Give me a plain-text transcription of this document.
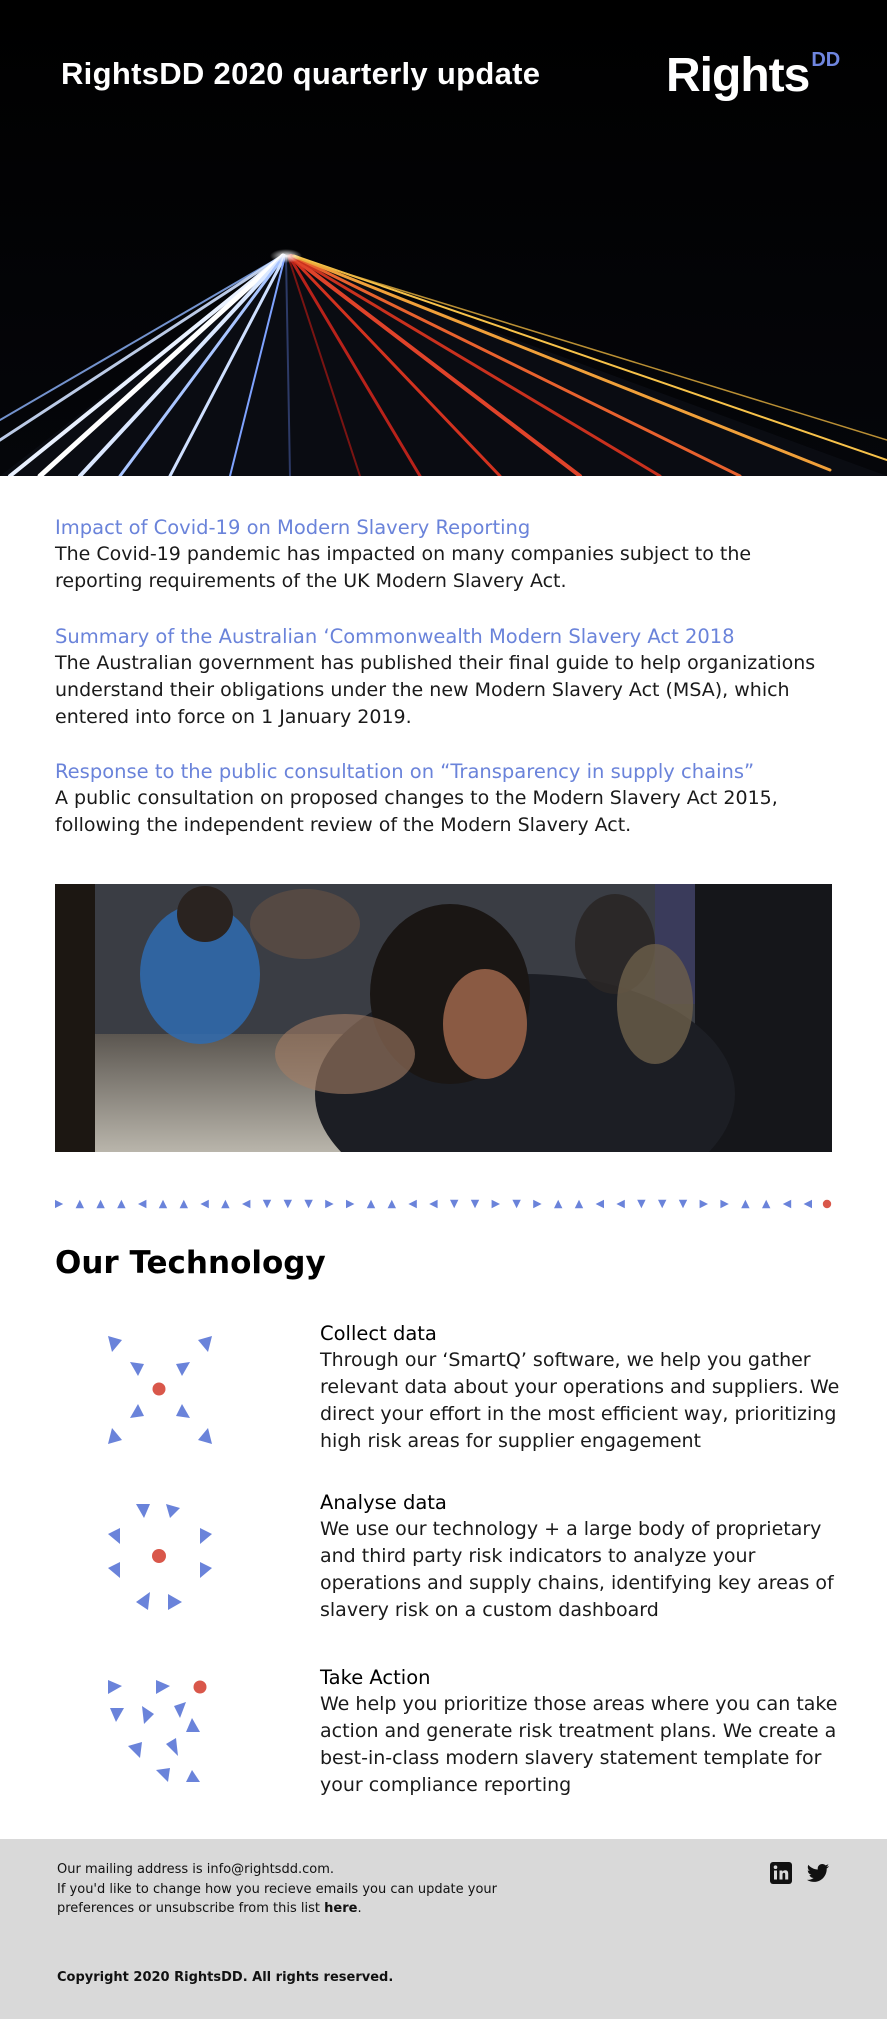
RightsDD 2020 quarterly update	Rights $^{DD}$
Impact of Covid-19 on Modern Slavery Reporting

The Covid-19 pandemic has impacted on many companies subject to the reporting requirements of the UK Modern Slavery Act.

Summary of the Australian ‘Commonwealth Modern Slavery Act 2018

The Australian government has published their final guide to help organizations understand their obligations under the new Modern Slavery Act (MSA), which entered into force on 1 January 2019.

Response to the public consultation on “Transparency in supply chains”

A public consultation on proposed changes to the Modern Slavery Act 2015, following the independent review of the Modern Slavery Act.

Our Technology
Collect data

Through our ‘SmartQ’ software, we help you gather relevant data about your operations and suppliers. We direct your effort in the most efficient way, prioritizing high risk areas for supplier engagement

Analyse data

We use our technology + a large body of proprietary and third party risk indicators to analyze your operations and supply chains, identifying key areas of slavery risk on a custom dashboard

Take Action

We help you prioritize those areas where you can take action and generate risk treatment plans. We create a best-in-class modern slavery statement template for your compliance reporting

Our mailing address is info@rightsdd.com.
If you'd like to change how you recieve emails you can update your
preferences or unsubscribe from this list here.
Copyright 2020 RightsDD. All rights reserved.
